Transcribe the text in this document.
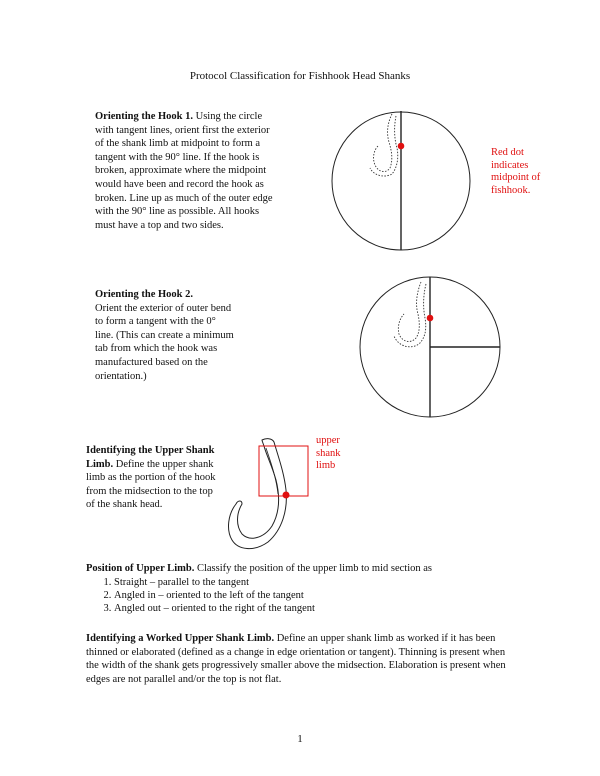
Protocol Classification for Fishhook Head Shanks
Orienting the Hook 1. Using the circle with tangent lines, orient first the exterior of the shank limb at midpoint to form a tangent with the 90° line. If the hook is broken, approximate where the midpoint would have been and record the hook as broken. Line up as much of the outer edge with the 90° line as possible. All hooks must have a top and two sides.
Red dot
indicates
midpoint of
fishhook.
Orienting the Hook 2.
Orient the exterior of outer bend to form a tangent with the 0° line. (This can create a minimum tab from which the hook was manufactured based on the orientation.)
Identifying the Upper Shank Limb. Define the upper shank limb as the portion of the hook from the midsection to the top of the shank head.
upper
shank
limb
Position of Upper Limb. Classify the position of the upper limb to mid section as
1. Straight – parallel to the tangent
2. Angled in – oriented to the left of the tangent
3. Angled out – oriented to the right of the tangent
Identifying a Worked Upper Shank Limb. Define an upper shank limb as worked if it has been thinned or elaborated (defined as a change in edge orientation or tangent). Thinning is present when the width of the shank gets progressively smaller above the midsection. Elaboration is present when edges are not parallel and/or the top is not flat.
1
